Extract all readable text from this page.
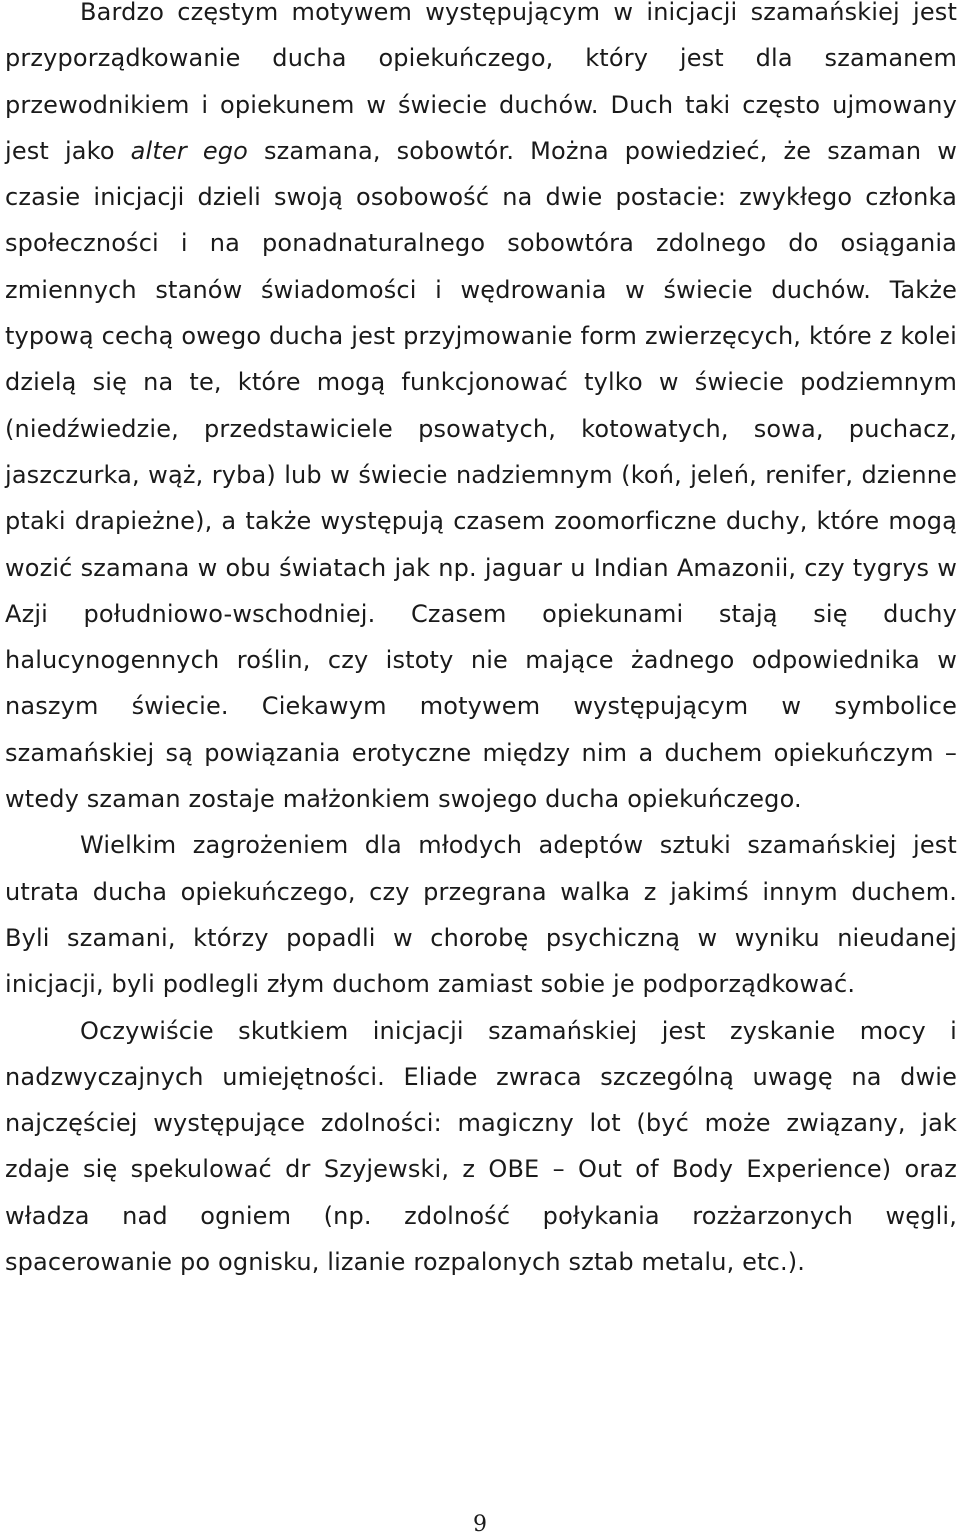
Bardzo częstym motywem występującym w inicjacji szamańskiej jest przyporządkowanie ducha opiekuńczego, który jest dla szamanem przewodnikiem i opiekunem w świecie duchów. Duch taki często ujmowany jest jako alter ego szamana, sobowtór. Można powiedzieć, że szaman w czasie inicjacji dzieli swoją osobowość na dwie postacie: zwykłego członka społeczności i na ponadnaturalnego sobowtóra zdolnego do osiągania zmiennych stanów świadomości i wędrowania w świecie duchów. Także typową cechą owego ducha jest przyjmowanie form zwierzęcych, które z kolei dzielą się na te, które mogą funkcjonować tylko w świecie podziemnym (niedźwiedzie, przedstawiciele psowatych, kotowatych, sowa, puchacz, jaszczurka, wąż, ryba) lub w świecie nadziemnym (koń, jeleń, renifer, dzienne ptaki drapieżne), a także występują czasem zoomorficzne duchy, które mogą wozić szamana w obu światach jak np. jaguar u Indian Amazonii, czy tygrys w Azji południowo-wschodniej. Czasem opiekunami stają się duchy halucynogennych roślin, czy istoty nie mające żadnego odpowiednika w naszym świecie. Ciekawym motywem występującym w symbolice szamańskiej są powiązania erotyczne między nim a duchem opiekuńczym – wtedy szaman zostaje małżonkiem swojego ducha opiekuńczego.

Wielkim zagrożeniem dla młodych adeptów sztuki szamańskiej jest utrata ducha opiekuńczego, czy przegrana walka z jakimś innym duchem. Byli szamani, którzy popadli w chorobę psychiczną w wyniku nieudanej inicjacji, byli podlegli złym duchom zamiast sobie je podporządkować.

Oczywiście skutkiem inicjacji szamańskiej jest zyskanie mocy i nadzwyczajnych umiejętności. Eliade zwraca szczególną uwagę na dwie najczęściej występujące zdolności: magiczny lot (być może związany, jak zdaje się spekulować dr Szyjewski, z OBE – Out of Body Experience) oraz władza nad ogniem (np. zdolność połykania rozżarzonych węgli, spacerowanie po ognisku, lizanie rozpalonych sztab metalu, etc.).

9
